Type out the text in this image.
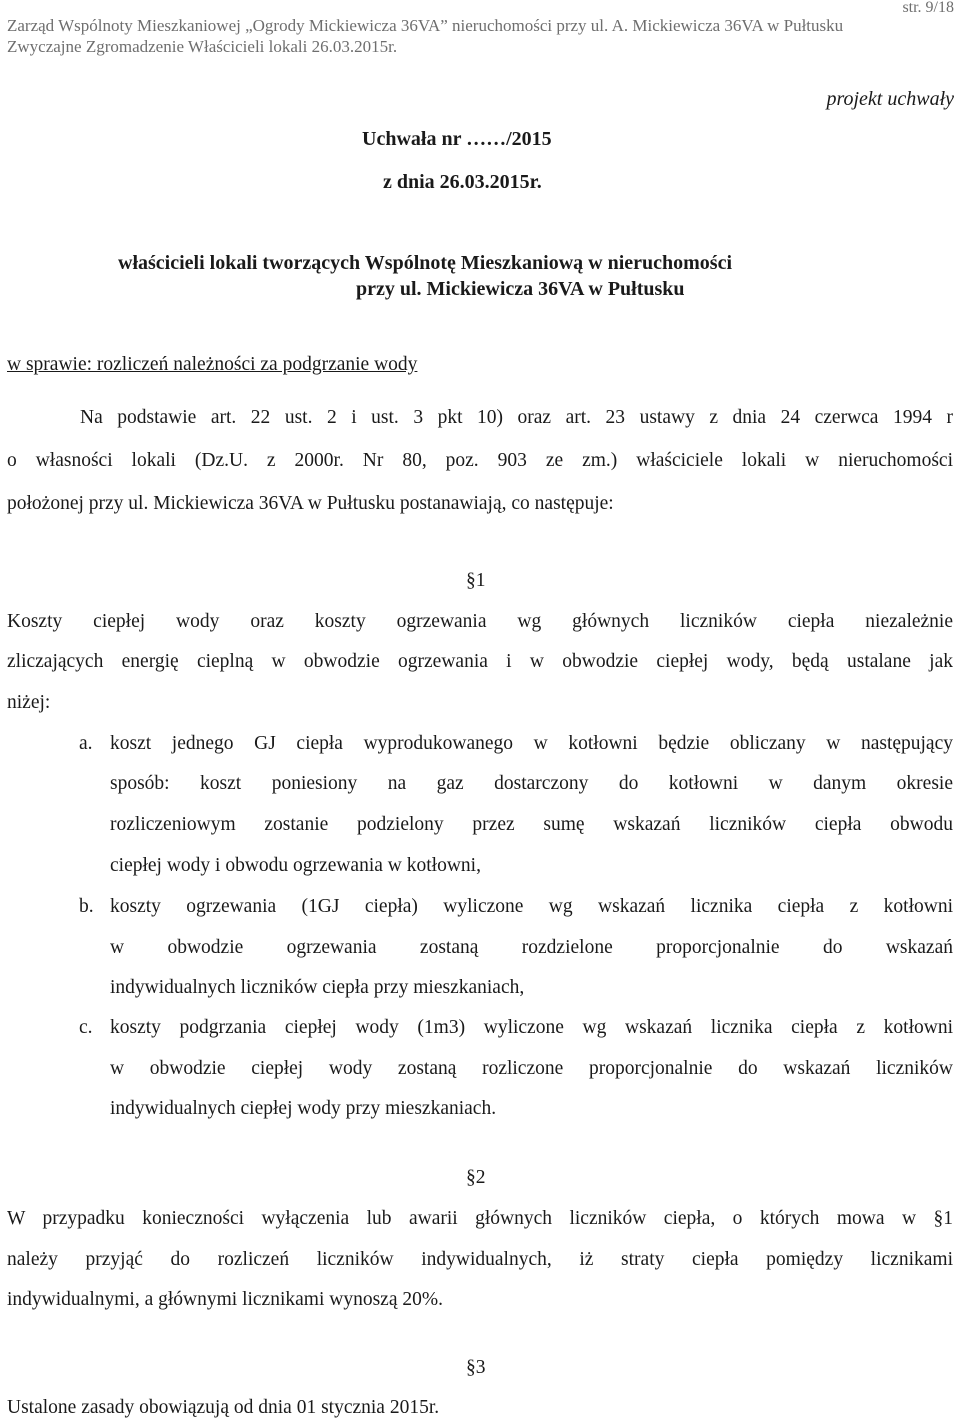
str. 9/18
Zarząd Wspólnoty Mieszkaniowej „Ogrody Mickiewicza 36VA” nieruchomości przy ul. A. Mickiewicza 36VA w Pułtusku
Zwyczajne Zgromadzenie Właścicieli lokali 26.03.2015r.
projekt uchwały
Uchwała nr ……/2015
z dnia 26.03.2015r.
właścicieli lokali tworzących Wspólnotę Mieszkaniową w nieruchomości
przy ul. Mickiewicza 36VA w Pułtusku
w sprawie: rozliczeń należności za podgrzanie wody
Na podstawie art. 22 ust. 2 i ust. 3 pkt 10) oraz art. 23 ustawy z dnia 24 czerwca 1994 r
o własności lokali (Dz.U. z 2000r. Nr 80, poz. 903 ze zm.) właściciele lokali w nieruchomości
położonej przy ul. Mickiewicza 36VA w Pułtusku postanawiają, co następuje:
§1
Koszty ciepłej wody oraz koszty ogrzewania wg głównych liczników ciepła niezależnie
zliczających energię cieplną w obwodzie ogrzewania i w obwodzie ciepłej wody, będą ustalane jak
niżej:
a. koszt jednego GJ ciepła wyprodukowanego w kotłowni będzie obliczany w następujący
sposób: koszt poniesiony na gaz dostarczony do kotłowni w danym okresie
rozliczeniowym zostanie podzielony przez sumę wskazań liczników ciepła obwodu
ciepłej wody i obwodu ogrzewania w kotłowni,
b. koszty ogrzewania (1GJ ciepła) wyliczone wg wskazań licznika ciepła z kotłowni
w obwodzie ogrzewania zostaną rozdzielone proporcjonalnie do wskazań
indywidualnych liczników ciepła przy mieszkaniach,
c. koszty podgrzania ciepłej wody (1m3) wyliczone wg wskazań licznika ciepła z kotłowni
w obwodzie ciepłej wody zostaną rozliczone proporcjonalnie do wskazań liczników
indywidualnych ciepłej wody przy mieszkaniach.
§2
W przypadku konieczności wyłączenia lub awarii głównych liczników ciepła, o których mowa w §1
należy przyjąć do rozliczeń liczników indywidualnych, iż straty ciepła pomiędzy licznikami
indywidualnymi, a głównymi licznikami wynoszą 20%.
§3
Ustalone zasady obowiązują od dnia 01 stycznia 2015r.
